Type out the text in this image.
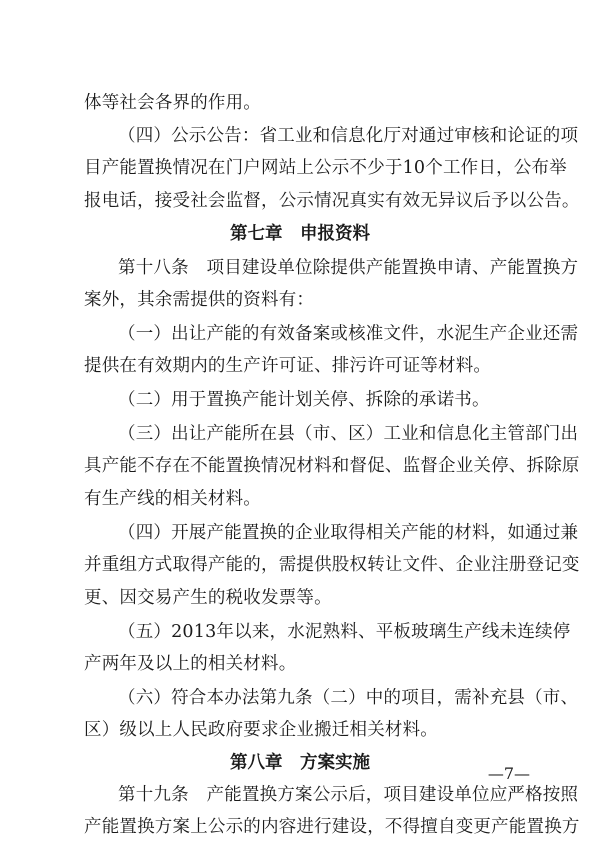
体等社会各界的作用。
（四）公示公告：省工业和信息化厅对通过审核和论证的项
目产能置换情况在门户网站上公示不少于10个工作日，公布举
报电话，接受社会监督，公示情况真实有效无异议后予以公告。
第七章　申报资料
第十八条　项目建设单位除提供产能置换申请、产能置换方
案外，其余需提供的资料有：
（一）出让产能的有效备案或核准文件，水泥生产企业还需
提供在有效期内的生产许可证、排污许可证等材料。
（二）用于置换产能计划关停、拆除的承诺书。
（三）出让产能所在县（市、区）工业和信息化主管部门出
具产能不存在不能置换情况材料和督促、监督企业关停、拆除原
有生产线的相关材料。
（四）开展产能置换的企业取得相关产能的材料，如通过兼
并重组方式取得产能的，需提供股权转让文件、企业注册登记变
更、因交易产生的税收发票等。
（五）2013年以来，水泥熟料、平板玻璃生产线未连续停
产两年及以上的相关材料。
（六）符合本办法第九条（二）中的项目，需补充县（市、
区）级以上人民政府要求企业搬迁相关材料。
第八章　方案实施
第十九条　产能置换方案公示后，项目建设单位应严格按照
产能置换方案上公示的内容进行建设，不得擅自变更产能置换方
—7—
